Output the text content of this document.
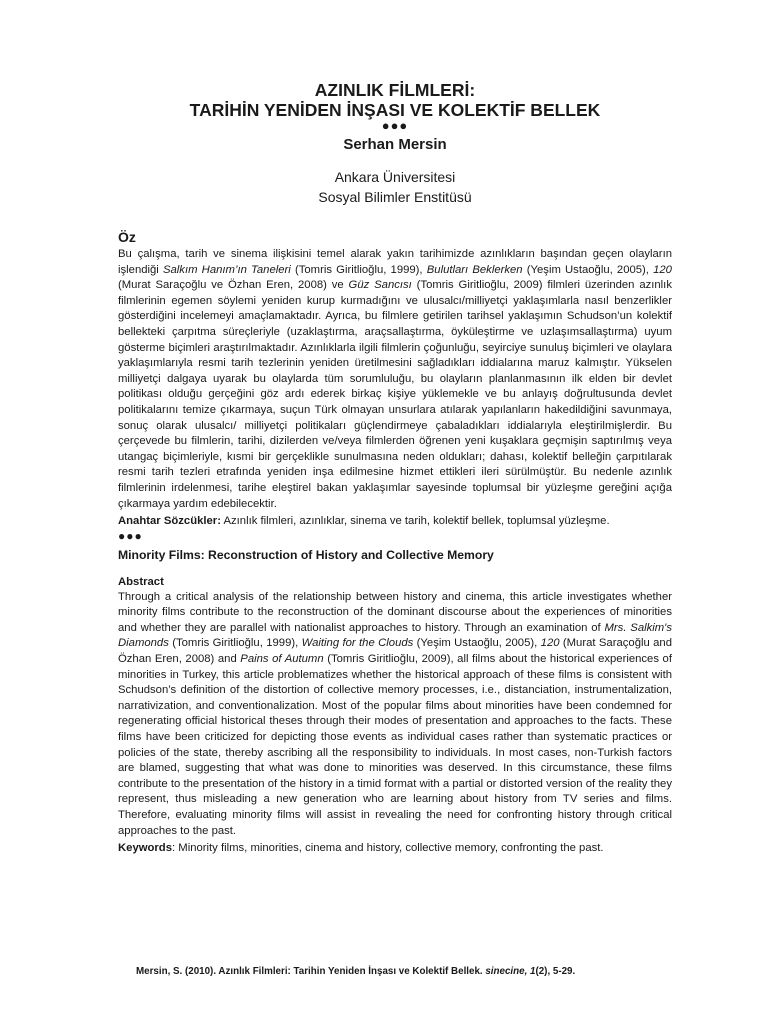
AZINLIK FİLMLERİ:
TARİHİN YENİDEN İNŞASI VE KOLEKTİF BELLEK
●●●
Serhan Mersin
Ankara Üniversitesi
Sosyal Bilimler Enstitüsü
Öz

Bu çalışma, tarih ve sinema ilişkisini temel alarak yakın tarihimizde azınlıkların başından geçen olayların işlendiği Salkım Hanım’ın Taneleri (Tomris Giritlioğlu, 1999), Bulutları Beklerken (Yeşim Ustaoğlu, 2005), 120 (Murat Saraçoğlu ve Özhan Eren, 2008) ve Güz Sancısı (Tomris Giritlioğlu, 2009) filmleri üzerinden azınlık filmlerinin egemen söylemi yeniden kurup kurmadığını ve ulusalcı/milliyetçi yaklaşımlarla nasıl benzerlikler gösterdiğini incelemeyi amaçlamaktadır. Ayrıca, bu filmlere getirilen tarihsel yaklaşımın Schudson’un kolektif bellekteki çarpıtma süreçleriyle (uzaklaştırma, araçsallaştırma, öyküleştirme ve uzlaşımsallaştırma) uyum gösterme biçimleri araştırılmaktadır. Azınlıklarla ilgili filmlerin çoğunluğu, seyirciye sunuluş biçimleri ve olaylara yaklaşımlarıyla resmi tarih tezlerinin yeniden üretilmesini sağladıkları iddialarına maruz kalmıştır. Yükselen milliyetçi dalgaya uyarak bu olaylarda tüm sorumluluğu, bu olayların planlanmasının ilk elden bir devlet politikası olduğu gerçeğini göz ardı ederek birkaç kişiye yüklemekle ve bu anlayış doğrultusunda devlet politikalarını temize çıkarmaya, suçun Türk olmayan unsurlara atılarak yapılanların hakedildiğini savunmaya, sonuç olarak ulusalcı/ milliyetçi politikaları güçlendirmeye çabaladıkları iddialarıyla eleştirilmişlerdir. Bu çerçevede bu filmlerin, tarihi, dizilerden ve/veya filmlerden öğrenen yeni kuşaklara geçmişin saptırılmış veya utangaç biçimleriyle, kısmi bir gerçeklikle sunulmasına neden oldukları; dahası, kolektif belleğin çarpıtılarak resmi tarih tezleri etrafında yeniden inşa edilmesine hizmet ettikleri ileri sürülmüştür. Bu nedenle azınlık filmlerinin irdelenmesi, tarihe eleştirel bakan yaklaşımlar sayesinde toplumsal bir yüzleşme gereğini açığa çıkarmaya yardım edebilecektir.

Anahtar Sözcükler: Azınlık filmleri, azınlıklar, sinema ve tarih, kolektif bellek, toplumsal yüzleşme.
●●●
Minority Films: Reconstruction of History and Collective Memory
Abstract

Through a critical analysis of the relationship between history and cinema, this article investigates whether minority films contribute to the reconstruction of the dominant discourse about the experiences of minorities and whether they are parallel with nationalist approaches to history. Through an examination of Mrs. Salkim's Diamonds (Tomris Giritlioğlu, 1999), Waiting for the Clouds (Yeşim Ustaoğlu, 2005), 120 (Murat Saraçoğlu and Özhan Eren, 2008) and Pains of Autumn (Tomris Giritlioğlu, 2009), all films about the historical experiences of minorities in Turkey, this article problematizes whether the historical approach of these films is consistent with Schudson’s definition of the distortion of collective memory processes, i.e., distanciation, instrumentalization, narrativization, and conventionalization. Most of the popular films about minorities have been condemned for regenerating official historical theses through their modes of presentation and approaches to the facts. These films have been criticized for depicting those events as individual cases rather than systematic practices or policies of the state, thereby ascribing all the responsibility to individuals. In most cases, non-Turkish factors are blamed, suggesting that what was done to minorities was deserved. In this circumstance, these films contribute to the presentation of the history in a timid format with a partial or distorted version of the reality they represent, thus misleading a new generation who are learning about history from TV series and films. Therefore, evaluating minority films will assist in revealing the need for confronting history through critical approaches to the past.

Keywords: Minority films, minorities, cinema and history, collective memory, confronting the past.
Mersin, S. (2010). Azınlık Filmleri: Tarihin Yeniden İnşası ve Kolektif Bellek. sinecine, 1(2), 5-29.
